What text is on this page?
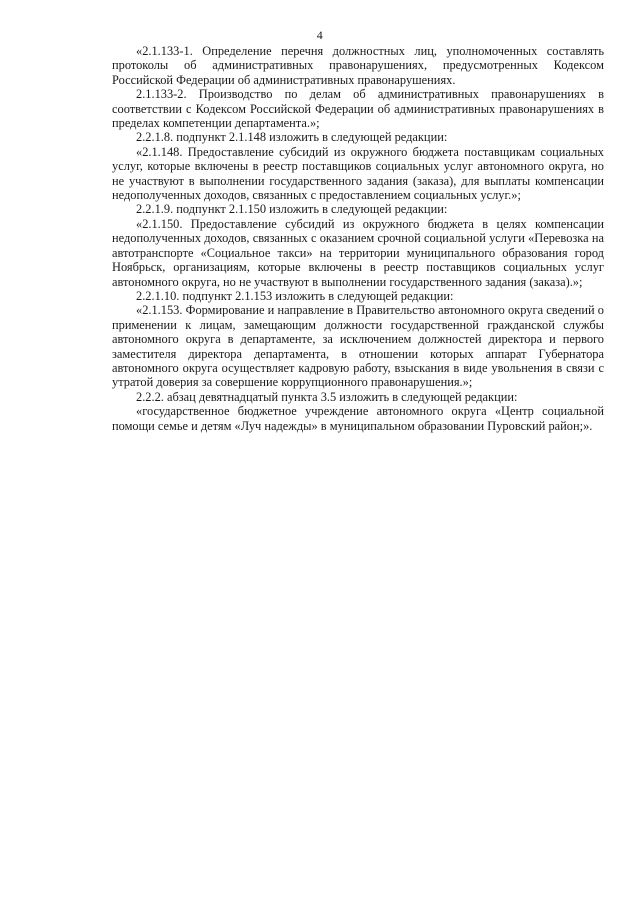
4

«2.1.133-1. Определение перечня должностных лиц, уполномоченных составлять протоколы об административных правонарушениях, предусмотренных Кодексом Российской Федерации об административных правонарушениях.

2.1.133-2. Производство по делам об административных правонарушениях в соответствии с Кодексом Российской Федерации об административных правонарушениях в пределах компетенции департамента.»;

2.2.1.8. подпункт 2.1.148 изложить в следующей редакции:

«2.1.148. Предоставление субсидий из окружного бюджета поставщикам социальных услуг, которые включены в реестр поставщиков социальных услуг автономного округа, но не участвуют в выполнении государственного задания (заказа), для выплаты компенсации недополученных доходов, связанных с предоставлением социальных услуг.»;

2.2.1.9. подпункт 2.1.150 изложить в следующей редакции:

«2.1.150. Предоставление субсидий из окружного бюджета в целях компенсации недополученных доходов, связанных с оказанием срочной социальной услуги «Перевозка на автотранспорте «Социальное такси» на территории муниципального образования город Ноябрьск, организациям, которые включены в реестр поставщиков социальных услуг автономного округа, но не участвуют в выполнении государственного задания (заказа).»;

2.2.1.10. подпункт 2.1.153 изложить в следующей редакции:

«2.1.153. Формирование и направление в Правительство автономного округа сведений о применении к лицам, замещающим должности государственной гражданской службы автономного округа в департаменте, за исключением должностей директора и первого заместителя директора департамента, в отношении которых аппарат Губернатора автономного округа осуществляет кадровую работу, взыскания в виде увольнения в связи с утратой доверия за совершение коррупционного правонарушения.»;

2.2.2. абзац девятнадцатый пункта 3.5 изложить в следующей редакции:

«государственное бюджетное учреждение автономного округа «Центр социальной помощи семье и детям «Луч надежды» в муниципальном образовании Пуровский район;».
